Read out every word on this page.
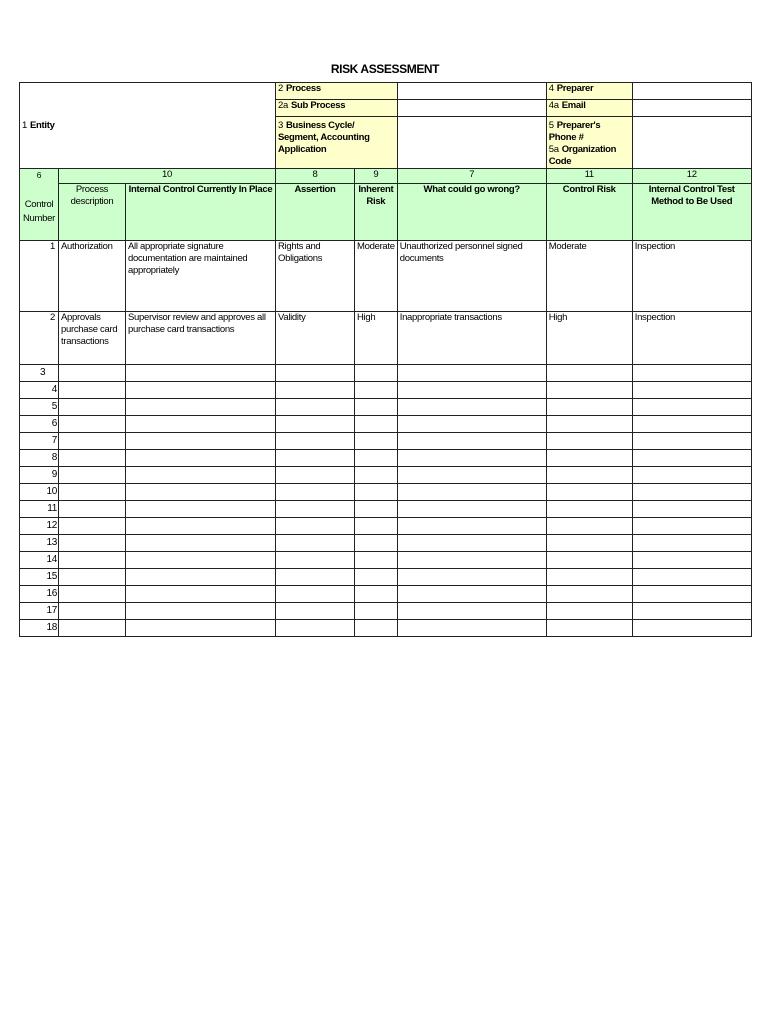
RISK ASSESSMENT
1 Entity			2 Process			4 Preparer	
			2a Sub Process			4a Email	
			3 Business Cycle/ Segment, Accounting Application			5 Preparer's Phone #
5a Organization Code	

6
Control Number	10		8	9	7	11	12
	Process description	Internal Control Currently In Place	Assertion	Inherent Risk	What could go wrong?	Control Risk	Internal Control Test Method to Be Used
1	Authorization	All appropriate signature documentation are maintained appropriately	Rights and Obligations	Moderate	Unauthorized personnel signed documents	Moderate	Inspection
2	Approvals purchase card transactions	Supervisor review and approves all purchase card transactions	Validity	High	Inappropriate transactions	High	Inspection
3							
4							
5							
6							
7							
8							
9							
10							
11							
12							
13							
14							
15							
16							
17							
18							
